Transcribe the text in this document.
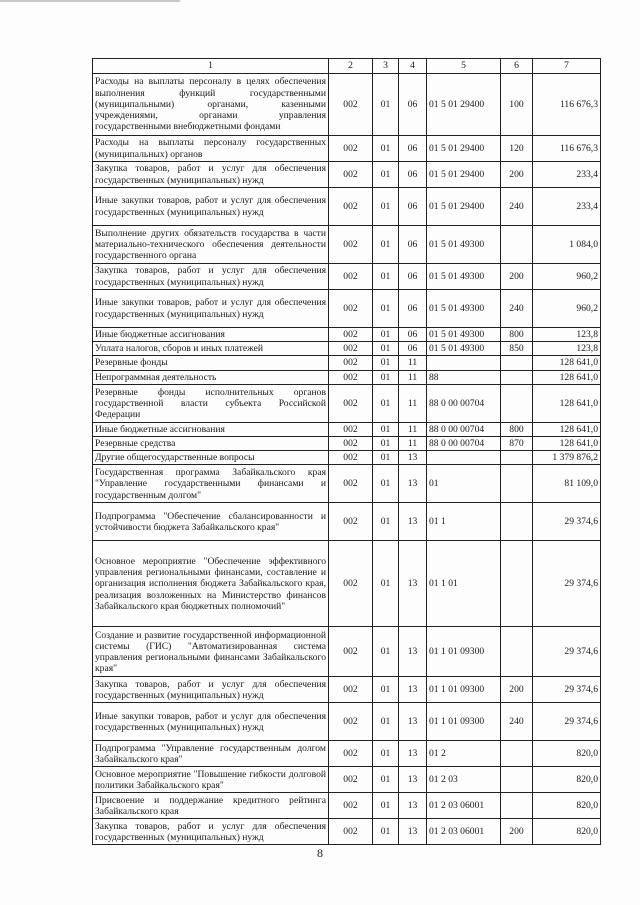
1	2	3	4	5	6	7
Расходы на выплаты персоналу в целях обеспечения выполнения функций государственными (муниципальными) органами, казенными учреждениями, органами управления государственными внебюджетными фондами	002	01	06	01 5 01 29400	100	116 676,3
Расходы на выплаты персоналу государственных (муниципальных) органов	002	01	06	01 5 01 29400	120	116 676,3
Закупка товаров, работ и услуг для обеспечения государственных (муниципальных) нужд	002	01	06	01 5 01 29400	200	233,4
Иные закупки товаров, работ и услуг для обеспечения государственных (муниципальных) нужд	002	01	06	01 5 01 29400	240	233,4
Выполнение других обязательств государства в части материально-технического обеспечения деятельности государственного органа	002	01	06	01 5 01 49300		1 084,0
Закупка товаров, работ и услуг для обеспечения государственных (муниципальных) нужд	002	01	06	01 5 01 49300	200	960,2
Иные закупки товаров, работ и услуг для обеспечения государственных (муниципальных) нужд	002	01	06	01 5 01 49300	240	960,2
Иные бюджетные ассигнования	002	01	06	01 5 01 49300	800	123,8
Уплата налогов, сборов и иных платежей	002	01	06	01 5 01 49300	850	123,8
Резервные фонды	002	01	11			128 641,0
Непрограммная деятельность	002	01	11	88		128 641,0
Резервные фонды исполнительных органов государственной власти субъекта Российской Федерации	002	01	11	88 0 00 00704		128 641,0
Иные бюджетные ассигнования	002	01	11	88 0 00 00704	800	128 641,0
Резервные средства	002	01	11	88 0 00 00704	870	128 641,0
Другие общегосударственные вопросы	002	01	13			1 379 876,2
Государственная программа Забайкальского края "Управление государственными финансами и государственным долгом"	002	01	13	01		81 109,0
Подпрограмма "Обеспечение сбалансированности и устойчивости бюджета Забайкальского края"	002	01	13	01 1		29 374,6
Основное мероприятие "Обеспечение эффективного управления региональными финансами, составление и организация исполнения бюджета Забайкальского края, реализация возложенных на Министерство финансов Забайкальского края бюджетных полномочий"	002	01	13	01 1 01		29 374,6
Создание и развитие государственной информационной системы (ГИС) "Автоматизированная система управления региональными финансами Забайкальского края"	002	01	13	01 1 01 09300		29 374,6
Закупка товаров, работ и услуг для обеспечения государственных (муниципальных) нужд	002	01	13	01 1 01 09300	200	29 374,6
Иные закупки товаров, работ и услуг для обеспечения государственных (муниципальных) нужд	002	01	13	01 1 01 09300	240	29 374,6
Подпрограмма "Управление государственным долгом Забайкальского края"	002	01	13	01 2		820,0
Основное мероприятие "Повышение гибкости долговой политики Забайкальского края"	002	01	13	01 2 03		820,0
Присвоение и поддержание кредитного рейтинга Забайкальского края	002	01	13	01 2 03 06001		820,0
Закупка товаров, работ и услуг для обеспечения государственных (муниципальных) нужд	002	01	13	01 2 03 06001	200	820,0
8
